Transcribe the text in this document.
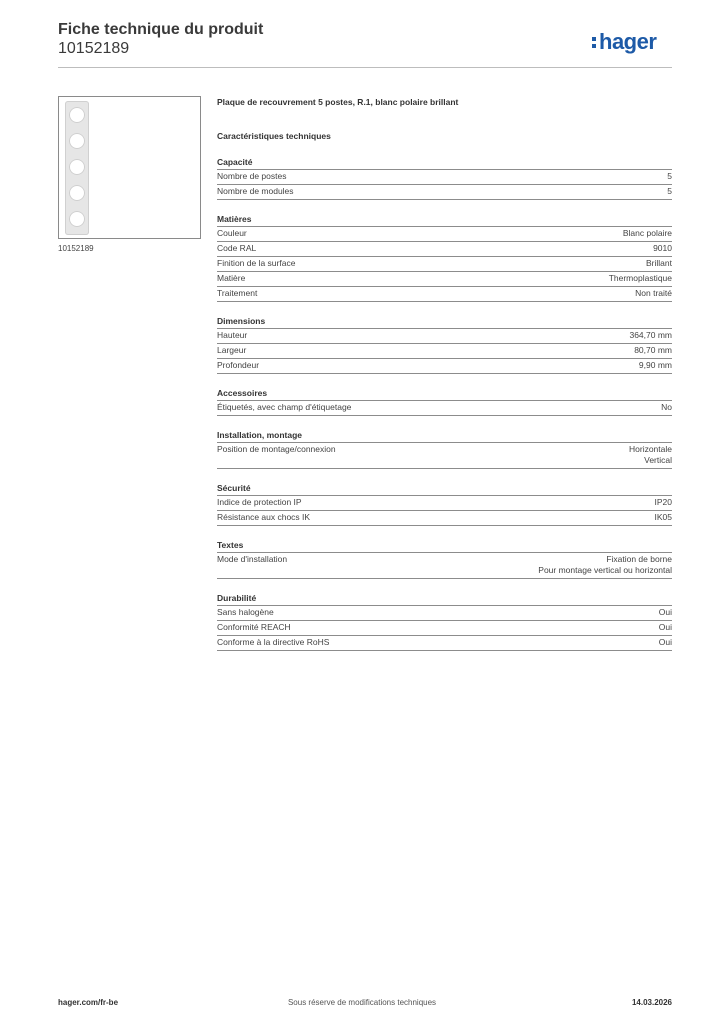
Fiche technique du produit
10152189	hager
10152189
Plaque de recouvrement 5 postes, R.1, blanc polaire brillant
Caractéristiques techniques
Capacité
Nombre de postes	5
Nombre de modules	5
Matières
Couleur	Blanc polaire
Code RAL	9010
Finition de la surface	Brillant
Matière	Thermoplastique
Traitement	Non traité
Dimensions
Hauteur	364,70 mm
Largeur	80,70 mm
Profondeur	9,90 mm
Accessoires
Étiquetés, avec champ d'étiquetage	No
Installation, montage
Position de montage/connexion	Horizontale
Vertical
Sécurité
Indice de protection IP	IP20
Résistance aux chocs IK	IK05
Textes
Mode d'installation	Fixation de borne
Pour montage vertical ou horizontal
Durabilité
Sans halogène	Oui
Conformité REACH	Oui
Conforme à la directive RoHS	Oui
hager.com/fr-be	Sous réserve de modifications techniques	14.03.2026
